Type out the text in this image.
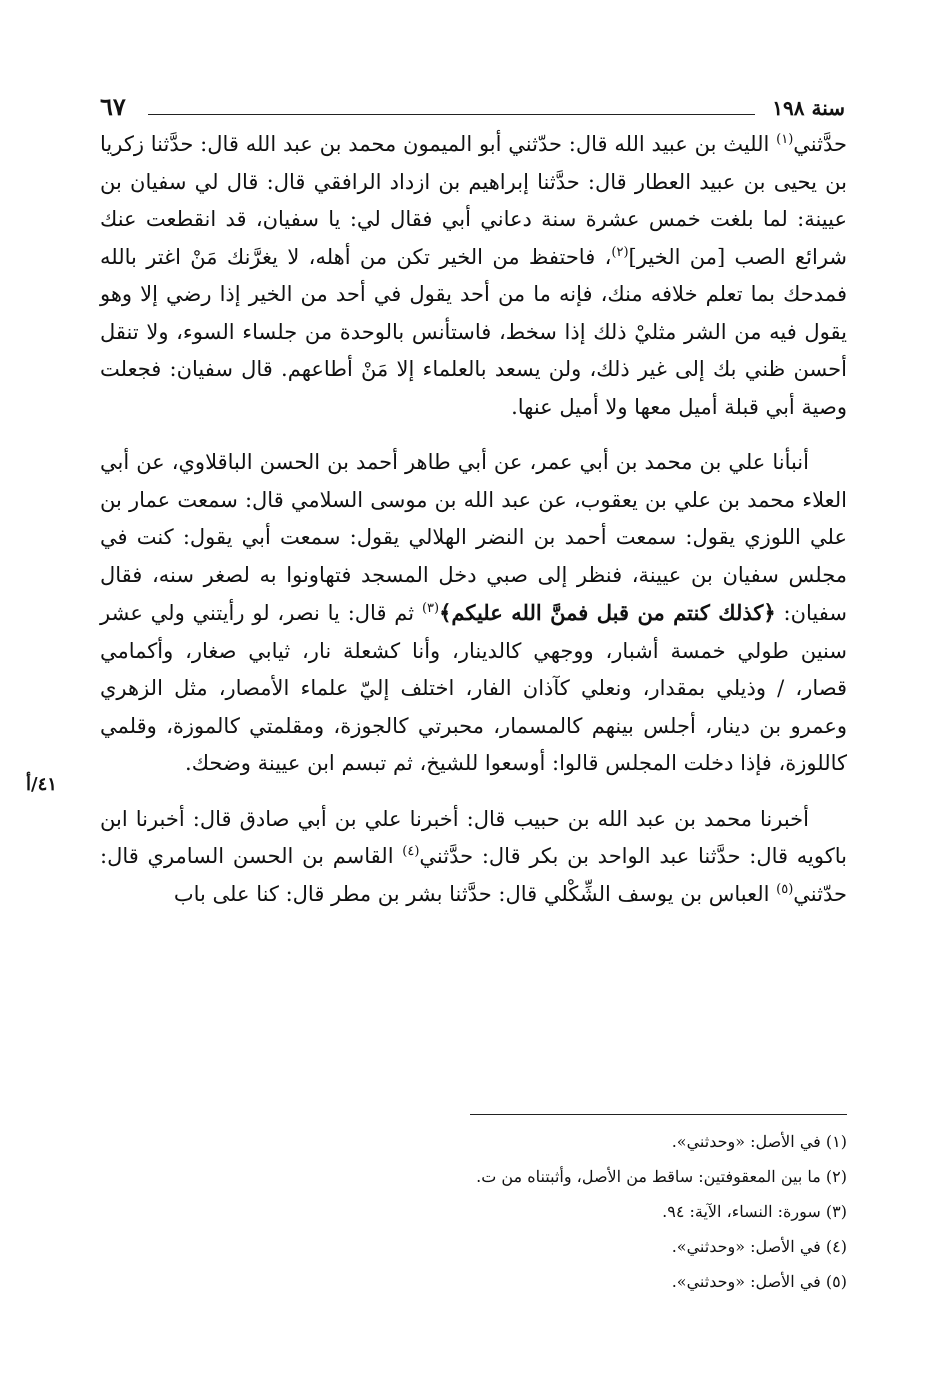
سنة ١٩٨
٦٧

حدَّثني$^{(١)}$ الليث بن عبيد الله قال: حدّثني أبو الميمون محمد بن عبد الله قال: حدَّثنا زكريا بن يحيى بن عبيد العطار قال: حدَّثنا إبراهيم بن ازداد الرافقي قال: قال لي سفيان بن عيينة: لما بلغت خمس عشرة سنة دعاني أبي فقال لي: يا سفيان، قد انقطعت عنك شرائع الصب [من الخير]$^{(٢)}$، فاحتفظ من الخير تكن من أهله، لا يغرَّنك مَنْ اغتر بالله فمدحك بما تعلم خلافه منك، فإنه ما من أحد يقول في أحد من الخير إذا رضي إلا وهو يقول فيه من الشر مثليْ ذلك إذا سخط، فاستأنس بالوحدة من جلساء السوء، ولا تنقل أحسن ظني بك إلى غير ذلك، ولن يسعد بالعلماء إلا مَنْ أطاعهم. قال سفيان: فجعلت وصية أبي قبلة أميل معها ولا أميل عنها.

أنبأنا علي بن محمد بن أبي عمر، عن أبي طاهر أحمد بن الحسن الباقلاوي، عن أبي العلاء محمد بن علي بن يعقوب، عن عبد الله بن موسى السلامي قال: سمعت عمار بن علي اللوزي يقول: سمعت أحمد بن النضر الهلالي يقول: سمعت أبي يقول: كنت في مجلس سفيان بن عيينة، فنظر إلى صبي دخل المسجد فتهاونوا به لصغر سنه، فقال سفيان: ﴿كذلك كنتم من قبل فمنَّ الله عليكم﴾$^{(٣)}$ ثم قال: يا نصر، لو رأيتني ولي عشر سنين طولي خمسة أشبار، ووجهي كالدينار، وأنا كشعلة نار، ثيابي صغار، وأكمامي قصار، / وذيلي بمقدار، ونعلي كآذان الفار، اختلف إليّ علماء الأمصار، مثل الزهري وعمرو بن دينار، أجلس بينهم كالمسمار، محبرتي كالجوزة، ومقلمتي كالموزة، وقلمي كاللوزة، فإذا دخلت المجلس قالوا: أوسعوا للشيخ، ثم تبسم ابن عيينة وضحك.

أخبرنا محمد بن عبد الله بن حبيب قال: أخبرنا علي بن أبي صادق قال: أخبرنا ابن باكويه قال: حدَّثنا عبد الواحد بن بكر قال: حدَّثني$^{(٤)}$ القاسم بن الحسن السامري قال: حدّثني$^{(٥)}$ العباس بن يوسف الشِّكْلي قال: حدَّثنا بشر بن مطر قال: كنا على باب

٤١/أ
(١) في الأصل: «وحدثني».
(٢) ما بين المعقوفتين: ساقط من الأصل، وأثبتناه من ت.
(٣) سورة: النساء، الآية: ٩٤.
(٤) في الأصل: «وحدثني».
(٥) في الأصل: «وحدثني».
